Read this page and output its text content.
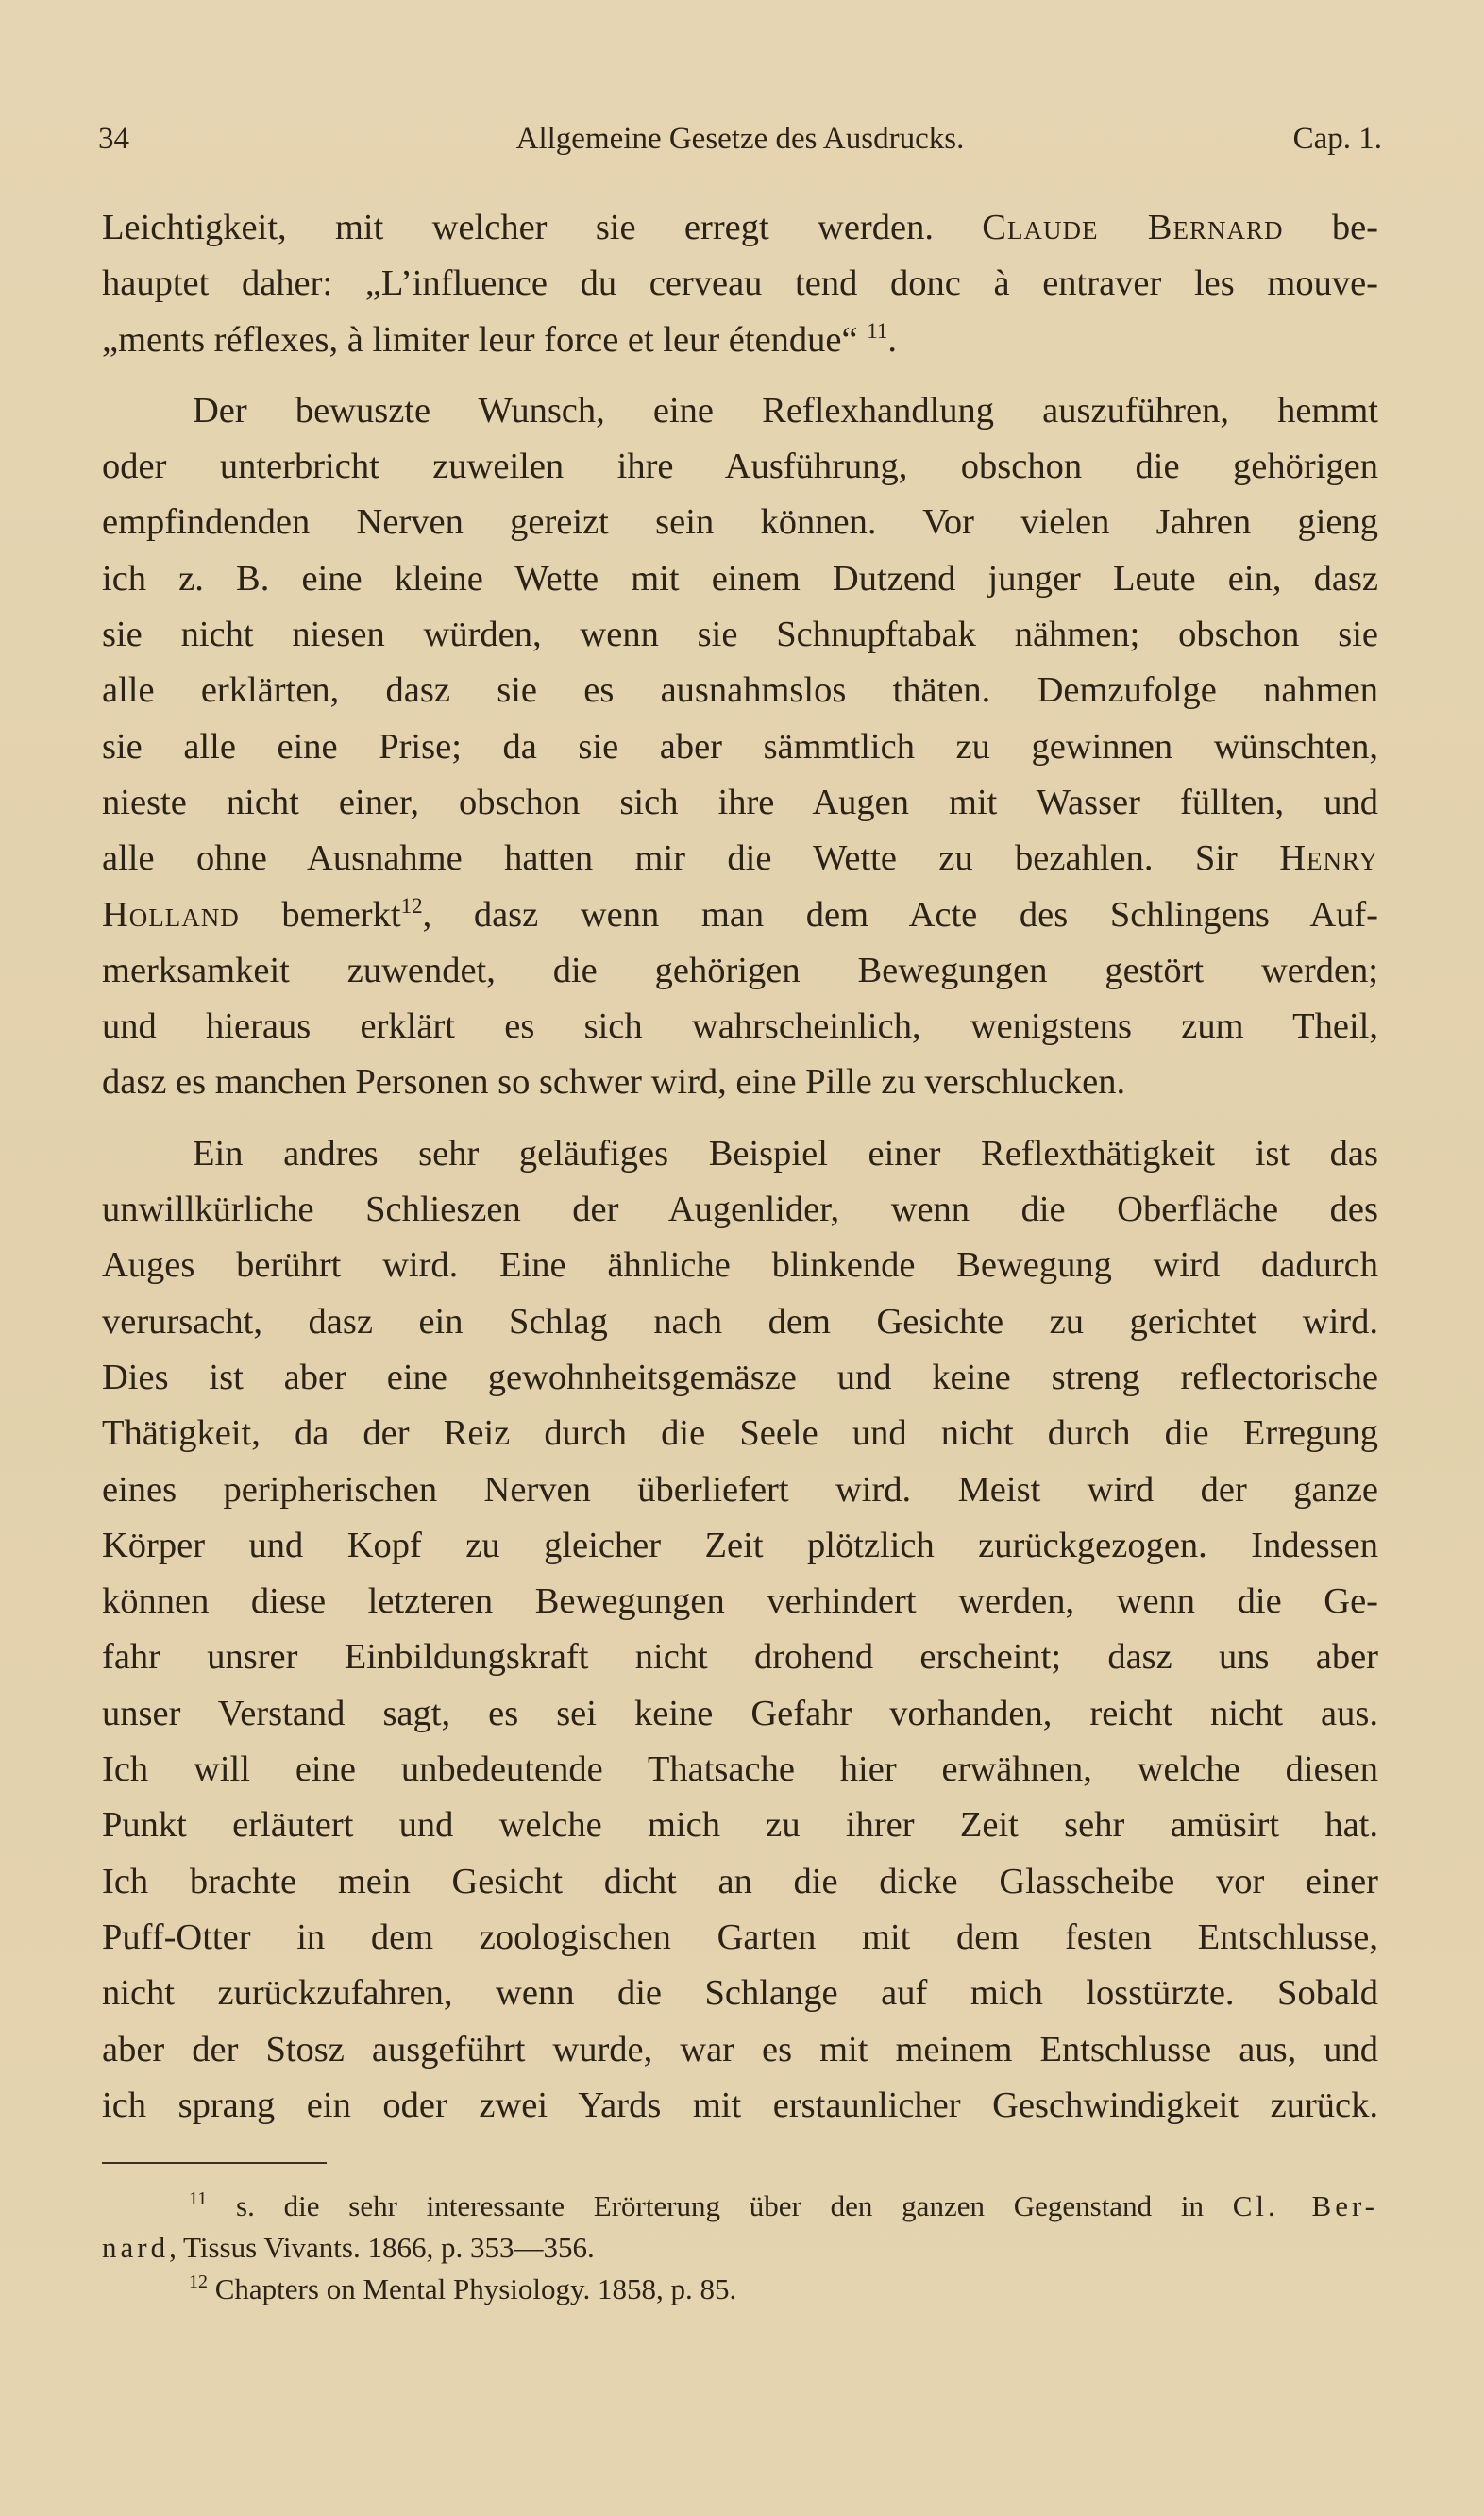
34	Allgemeine Gesetze des Ausdrucks.	Cap. 1.
Leichtigkeit, mit welcher sie erregt werden. Claude Bernard be-
hauptet daher: „L’influence du cerveau tend donc à entraver les mouve-
„ments réflexes, à limiter leur force et leur étendue“ $^{11}$.
Der bewuszte Wunsch, eine Reflexhandlung auszuführen, hemmt
oder unterbricht zuweilen ihre Ausführung, obschon die gehörigen
empfindenden Nerven gereizt sein können. Vor vielen Jahren gieng
ich z. B. eine kleine Wette mit einem Dutzend junger Leute ein, dasz
sie nicht niesen würden, wenn sie Schnupftabak nähmen; obschon sie
alle erklärten, dasz sie es ausnahmslos thäten. Demzufolge nahmen
sie alle eine Prise; da sie aber sämmtlich zu gewinnen wünschten,
nieste nicht einer, obschon sich ihre Augen mit Wasser füllten, und
alle ohne Ausnahme hatten mir die Wette zu bezahlen. Sir Henry
Holland bemerkt$^{12}$, dasz wenn man dem Acte des Schlingens Auf-
merksamkeit zuwendet, die gehörigen Bewegungen gestört werden;
und hieraus erklärt es sich wahrscheinlich, wenigstens zum Theil,
dasz es manchen Personen so schwer wird, eine Pille zu verschlucken.
Ein andres sehr geläufiges Beispiel einer Reflexthätigkeit ist das
unwillkürliche Schlieszen der Augenlider, wenn die Oberfläche des
Auges berührt wird. Eine ähnliche blinkende Bewegung wird dadurch
verursacht, dasz ein Schlag nach dem Gesichte zu gerichtet wird.
Dies ist aber eine gewohnheitsgemäsze und keine streng reflectorische
Thätigkeit, da der Reiz durch die Seele und nicht durch die Erregung
eines peripherischen Nerven überliefert wird. Meist wird der ganze
Körper und Kopf zu gleicher Zeit plötzlich zurückgezogen. Indessen
können diese letzteren Bewegungen verhindert werden, wenn die Ge-
fahr unsrer Einbildungskraft nicht drohend erscheint; dasz uns aber
unser Verstand sagt, es sei keine Gefahr vorhanden, reicht nicht aus.
Ich will eine unbedeutende Thatsache hier erwähnen, welche diesen
Punkt erläutert und welche mich zu ihrer Zeit sehr amüsirt hat.
Ich brachte mein Gesicht dicht an die dicke Glasscheibe vor einer
Puff-Otter in dem zoologischen Garten mit dem festen Entschlusse,
nicht zurückzufahren, wenn die Schlange auf mich losstürzte. Sobald
aber der Stosz ausgeführt wurde, war es mit meinem Entschlusse aus, und
ich sprang ein oder zwei Yards mit erstaunlicher Geschwindigkeit zurück.
$^{11}$ s. die sehr interessante Erörterung über den ganzen Gegenstand in Cl. Ber-
nard, Tissus Vivants. 1866, p. 353—356.
$^{12}$ Chapters on Mental Physiology. 1858, p. 85.
